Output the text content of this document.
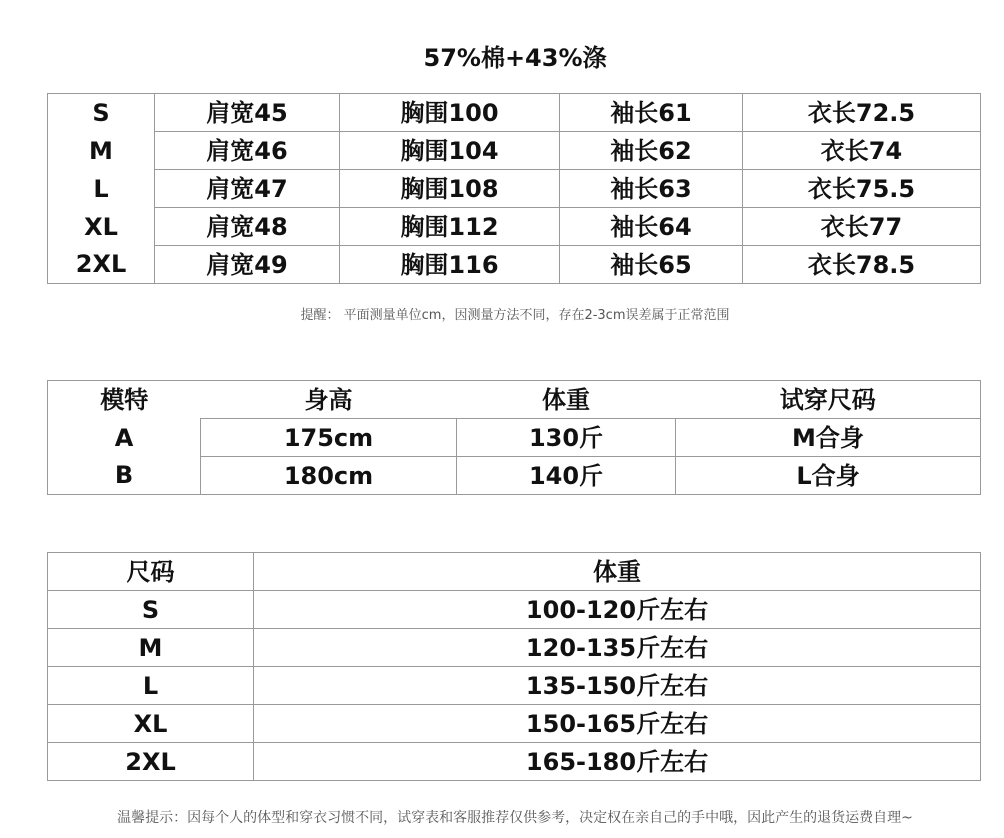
57%棉+43%涤
S	肩宽45	胸围100	袖长61	衣长72.5
M	肩宽46	胸围104	袖长62	衣长74
L	肩宽47	胸围108	袖长63	衣长75.5
XL	肩宽48	胸围112	袖长64	衣长77
2XL	肩宽49	胸围116	袖长65	衣长78.5
提醒： 平面测量单位cm，因测量方法不同，存在2-3cm误差属于正常范围
模特	身高	体重	试穿尺码
A	175cm	130斤	M合身
B	180cm	140斤	L合身
尺码	体重
S	100-120斤左右
M	120-135斤左右
L	135-150斤左右
XL	150-165斤左右
2XL	165-180斤左右
温馨提示：因每个人的体型和穿衣习惯不同，试穿表和客服推荐仅供参考，决定权在亲自己的手中哦，因此产生的退货运费自理~
